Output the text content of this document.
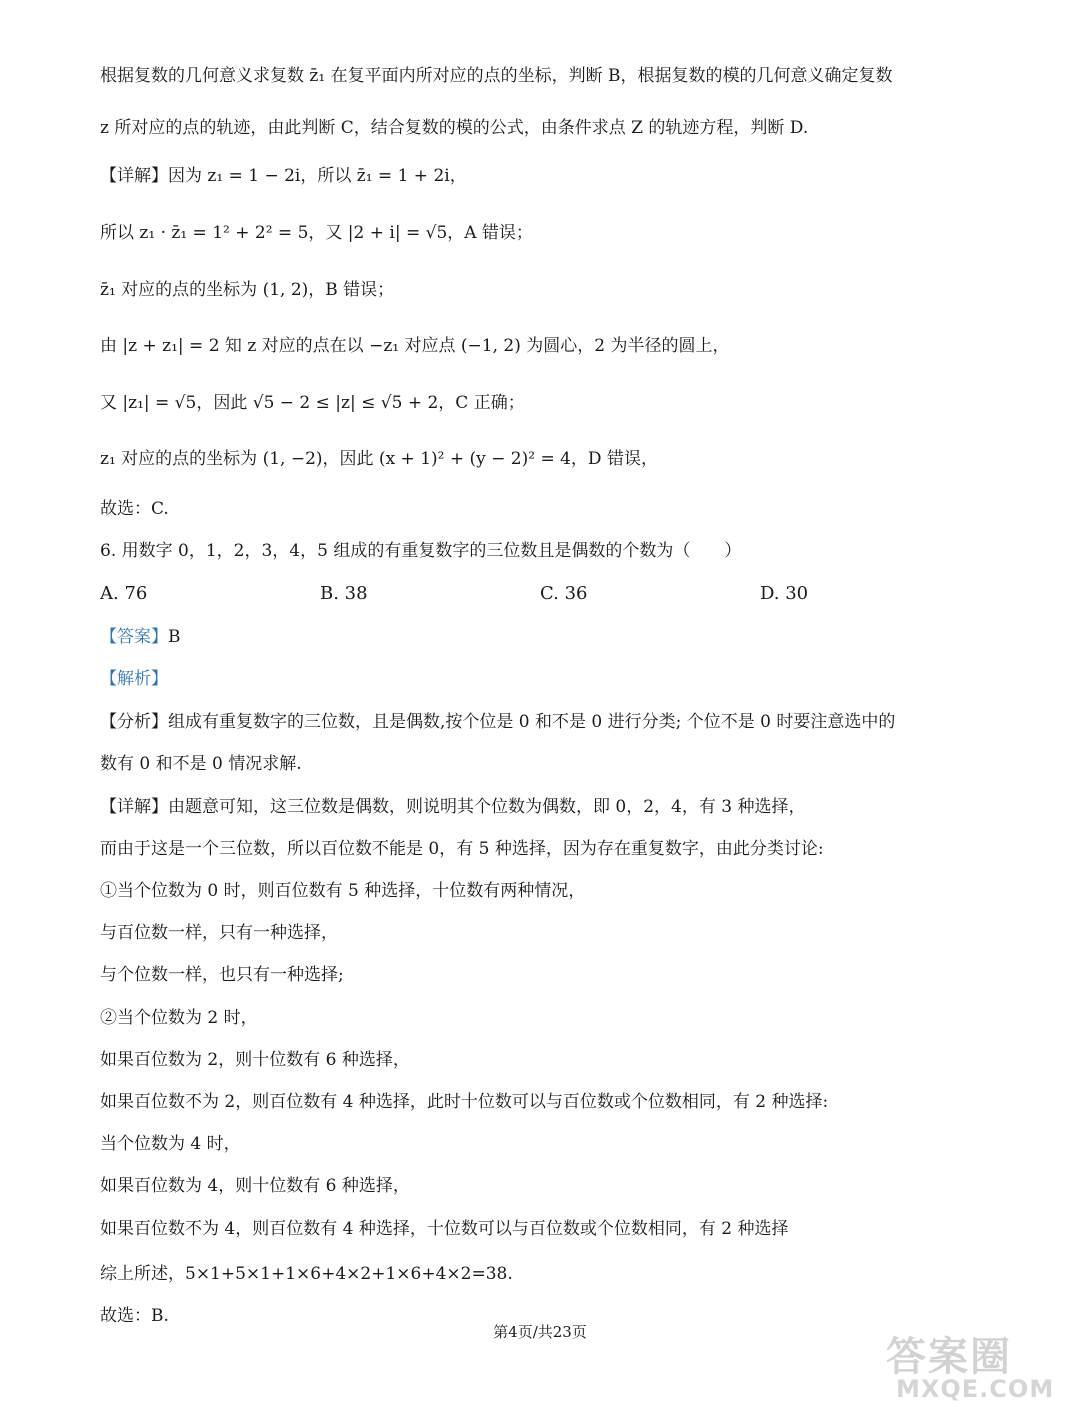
根据复数的几何意义求复数 z̄₁ 在复平面内所对应的点的坐标，判断 B，根据复数的模的几何意义确定复数
z 所对应的点的轨迹，由此判断 C，结合复数的模的公式，由条件求点 Z 的轨迹方程，判断 D.
【详解】因为 z₁ = 1 − 2i，所以 z̄₁ = 1 + 2i，
所以 z₁ · z̄₁ = 1² + 2² = 5，又 |2 + i| = √5，A 错误；
z̄₁ 对应的点的坐标为 (1, 2)，B 错误；
由 |z + z₁| = 2 知 z 对应的点在以 −z₁ 对应点 (−1, 2) 为圆心，2 为半径的圆上，
又 |z₁| = √5，因此 √5 − 2 ≤ |z| ≤ √5 + 2，C 正确；
z₁ 对应的点的坐标为 (1, −2)，因此 (x + 1)² + (y − 2)² = 4，D 错误，
故选：C.
6. 用数字 0，1，2，3，4，5 组成的有重复数字的三位数且是偶数的个数为（　　）
A. 76	B. 38	C. 36	D. 30
【答案】B
【解析】
【分析】组成有重复数字的三位数，且是偶数,按个位是 0 和不是 0 进行分类; 个位不是 0 时要注意选中的
数有 0 和不是 0 情况求解.
【详解】由题意可知，这三位数是偶数，则说明其个位数为偶数，即 0，2，4，有 3 种选择，
而由于这是一个三位数，所以百位数不能是 0，有 5 种选择，因为存在重复数字，由此分类讨论:
①当个位数为 0 时，则百位数有 5 种选择，十位数有两种情况，
与百位数一样，只有一种选择，
与个位数一样，也只有一种选择;
②当个位数为 2 时，
如果百位数为 2，则十位数有 6 种选择，
如果百位数不为 2，则百位数有 4 种选择，此时十位数可以与百位数或个位数相同，有 2 种选择:
当个位数为 4 时，
如果百位数为 4，则十位数有 6 种选择，
如果百位数不为 4，则百位数有 4 种选择，十位数可以与百位数或个位数相同，有 2 种选择
综上所述，5×1+5×1+1×6+4×2+1×6+4×2=38.
故选：B.
第4页/共23页
答案圈
MXQE.COM
